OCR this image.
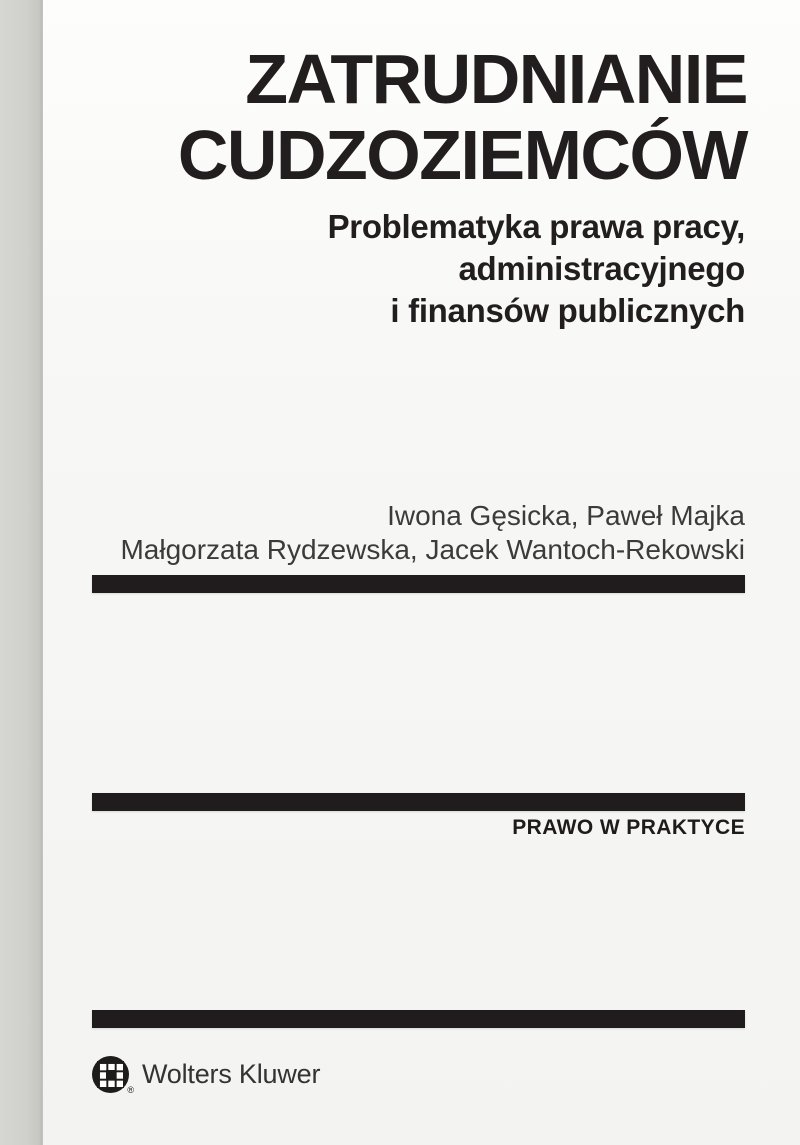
ZATRUDNIANIE
CUDZOZIEMCÓW
Problematyka prawa pracy,
administracyjnego
i finansów publicznych
Iwona Gęsicka, Paweł Majka
Małgorzata Rydzewska, Jacek Wantoch-Rekowski
PRAWO W PRAKTYCE
®
Wolters Kluwer
